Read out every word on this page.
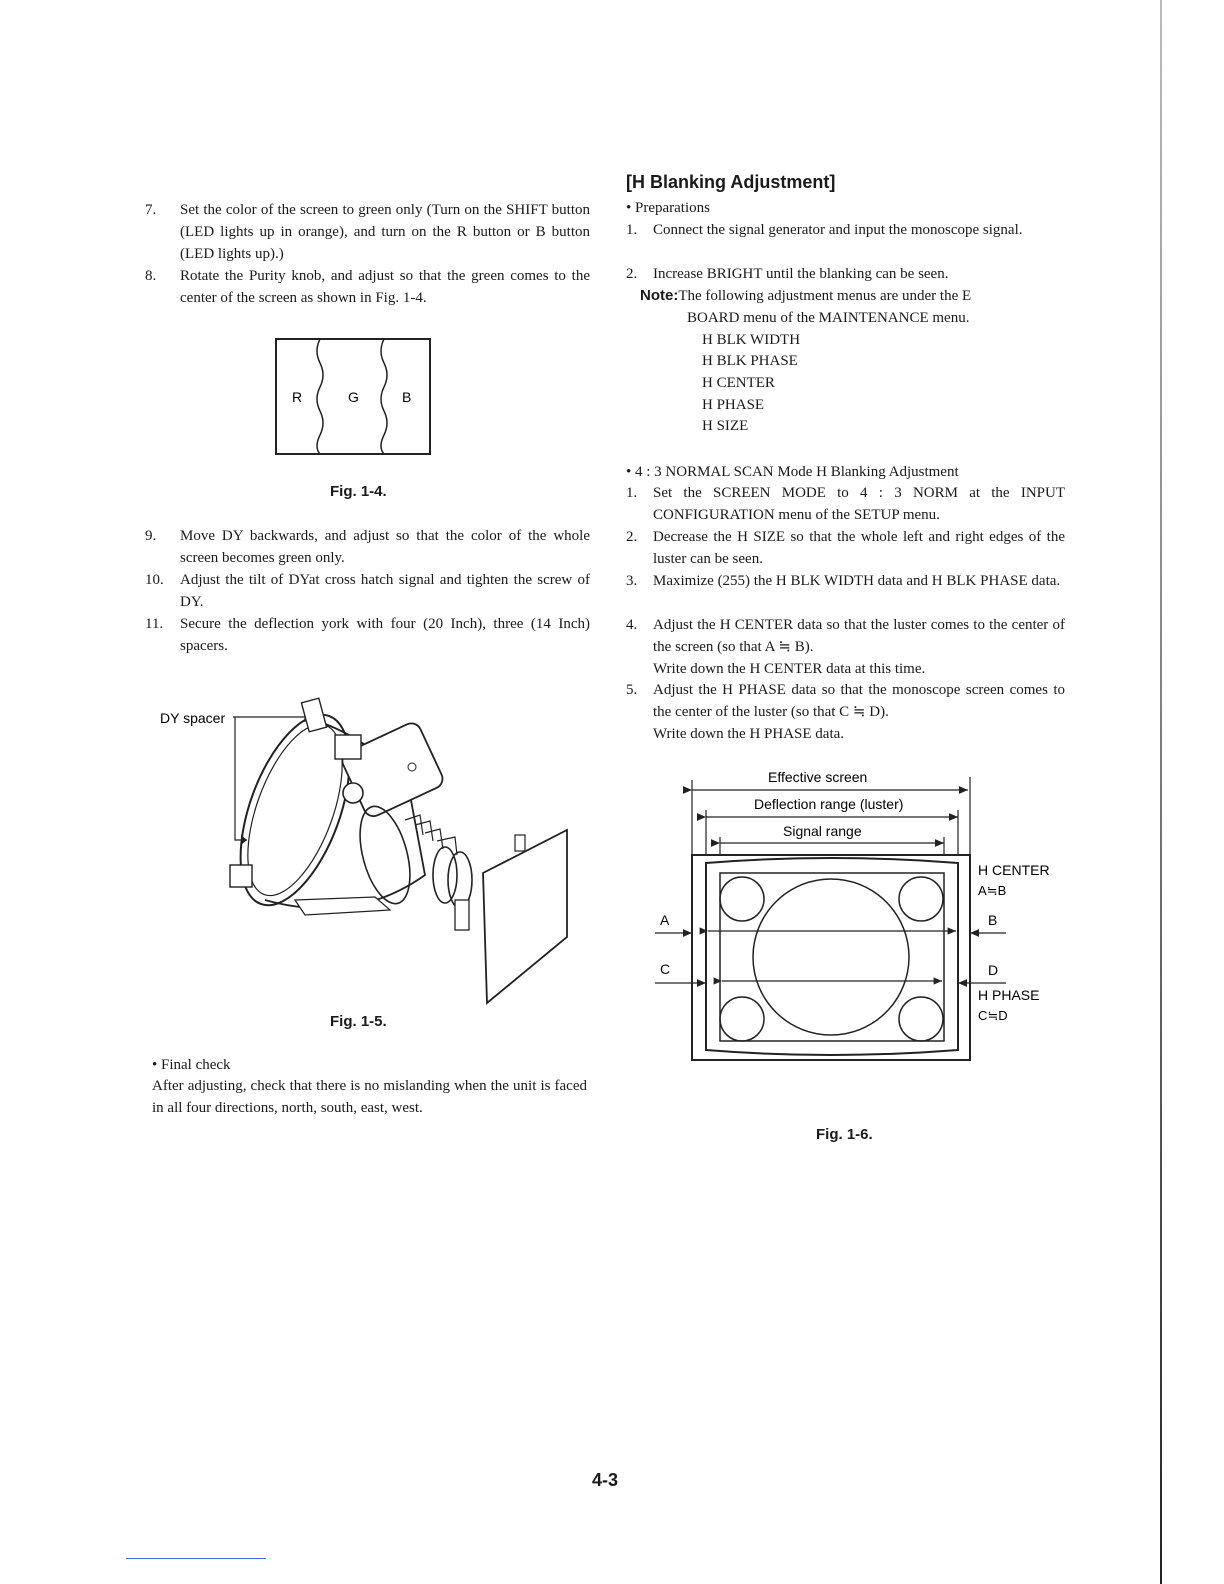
7. Set the color of the screen to green only (Turn on the SHIFT button (LED lights up in orange), and turn on the R button or B button (LED lights up).)
8. Rotate the Purity knob, and adjust so that the green comes to the center of the screen as shown in Fig. 1-4.
R	G	B
Fig. 1-4.
9. Move DY backwards, and adjust so that the color of the whole screen becomes green only.
10. Adjust the tilt of DYat cross hatch signal and tighten the screw of DY.
11. Secure the deflection york with four (20 Inch), three (14 Inch) spacers.
DY spacer
Fig. 1-5.
• Final check
After adjusting, check that there is no mislanding when the unit is faced in all four directions, north, south, east, west.
[H Blanking Adjustment]
• Preparations
1. Connect the signal generator and input the monoscope signal.
2. Increase BRIGHT until the blanking can be seen.
Note:The following adjustment menus are under the E
BOARD menu of the MAINTENANCE menu.
H BLK WIDTH
H BLK PHASE
H CENTER
H PHASE
H SIZE
• 4 : 3 NORMAL SCAN Mode H Blanking Adjustment
1. Set the SCREEN MODE to 4 : 3 NORM at the INPUT CONFIGURATION menu of the SETUP menu.
2. Decrease the H SIZE so that the whole left and right edges of the luster can be seen.
3. Maximize (255) the H BLK WIDTH data and H BLK PHASE data.
4. Adjust the H CENTER data so that the luster comes to the center of the screen (so that A ≒ B).
Write down the H CENTER data at this time.
5. Adjust the H PHASE data so that the monoscope screen comes to the center of the luster (so that C ≒ D).
Write down the H PHASE data.
Effective screen
Deflection range (luster)
Signal range
A
C
H CENTER
A≒B
B
D
H PHASE
C≒D
Fig. 1-6.
4-3
